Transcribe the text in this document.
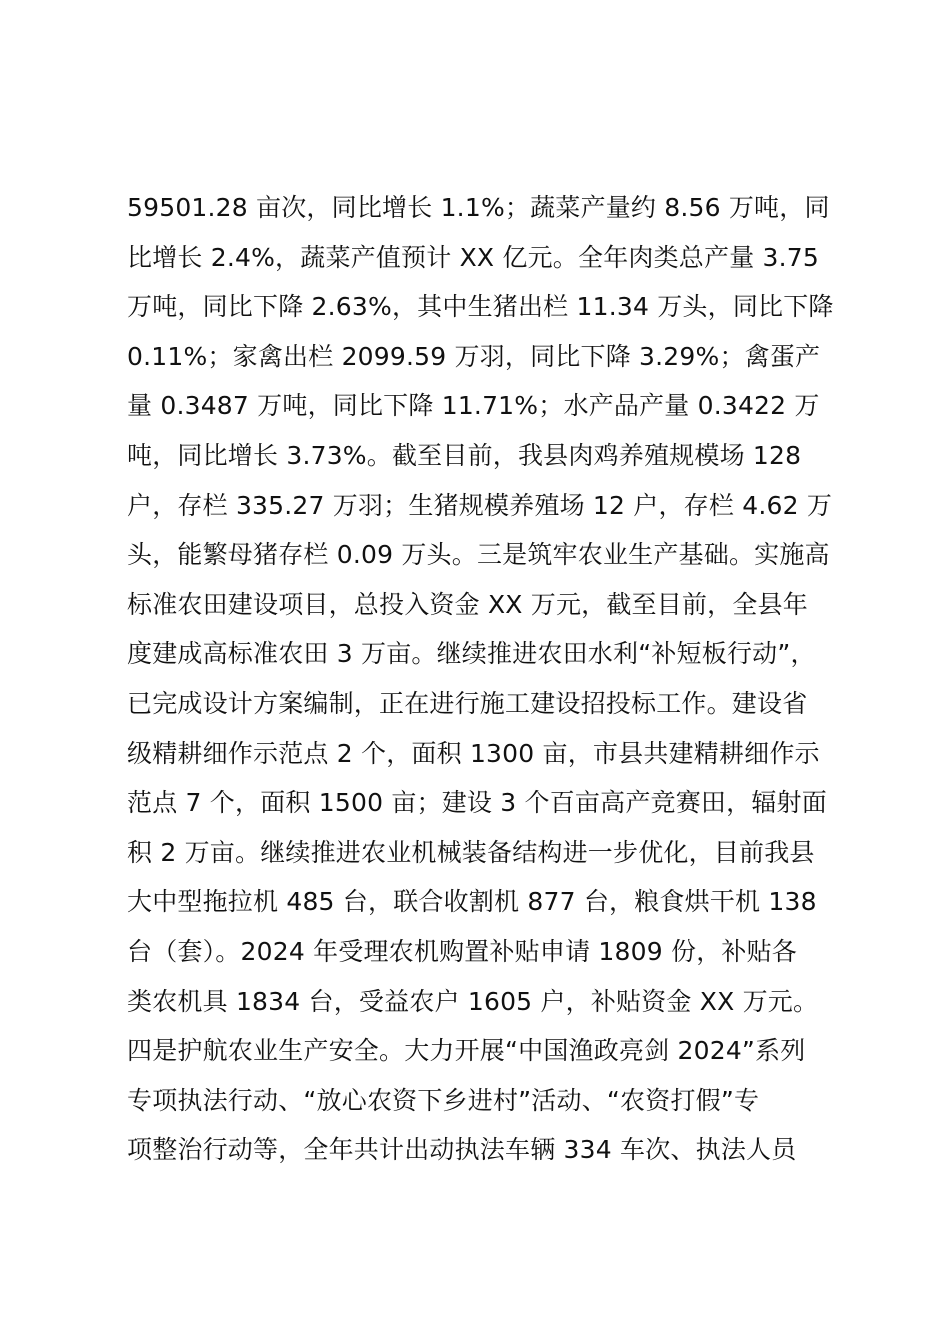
59501.28 亩次，同比增长 1.1%；蔬菜产量约 8.56 万吨，同
比增长 2.4%，蔬菜产值预计 XX 亿元。全年肉类总产量 3.75
万吨，同比下降 2.63%，其中生猪出栏 11.34 万头，同比下降
0.11%；家禽出栏 2099.59 万羽，同比下降 3.29%；禽蛋产
量 0.3487 万吨，同比下降 11.71%；水产品产量 0.3422 万
吨，同比增长 3.73%。截至目前，我县肉鸡养殖规模场 128
户，存栏 335.27 万羽；生猪规模养殖场 12 户，存栏 4.62 万
头，能繁母猪存栏 0.09 万头。三是筑牢农业生产基础。实施高
标准农田建设项目，总投入资金 XX 万元，截至目前，全县年
度建成高标准农田 3 万亩。继续推进农田水利“补短板行动”，
已完成设计方案编制，正在进行施工建设招投标工作。建设省
级精耕细作示范点 2 个，面积 1300 亩，市县共建精耕细作示
范点 7 个，面积 1500 亩；建设 3 个百亩高产竞赛田，辐射面
积 2 万亩。继续推进农业机械装备结构进一步优化，目前我县
大中型拖拉机 485 台，联合收割机 877 台，粮食烘干机 138
台（套）。2024 年受理农机购置补贴申请 1809 份，补贴各
类农机具 1834 台，受益农户 1605 户，补贴资金 XX 万元。
四是护航农业生产安全。大力开展“中国渔政亮剑 2024”系列
专项执法行动、“放心农资下乡进村”活动、“农资打假”专
项整治行动等，全年共计出动执法车辆 334 车次、执法人员
